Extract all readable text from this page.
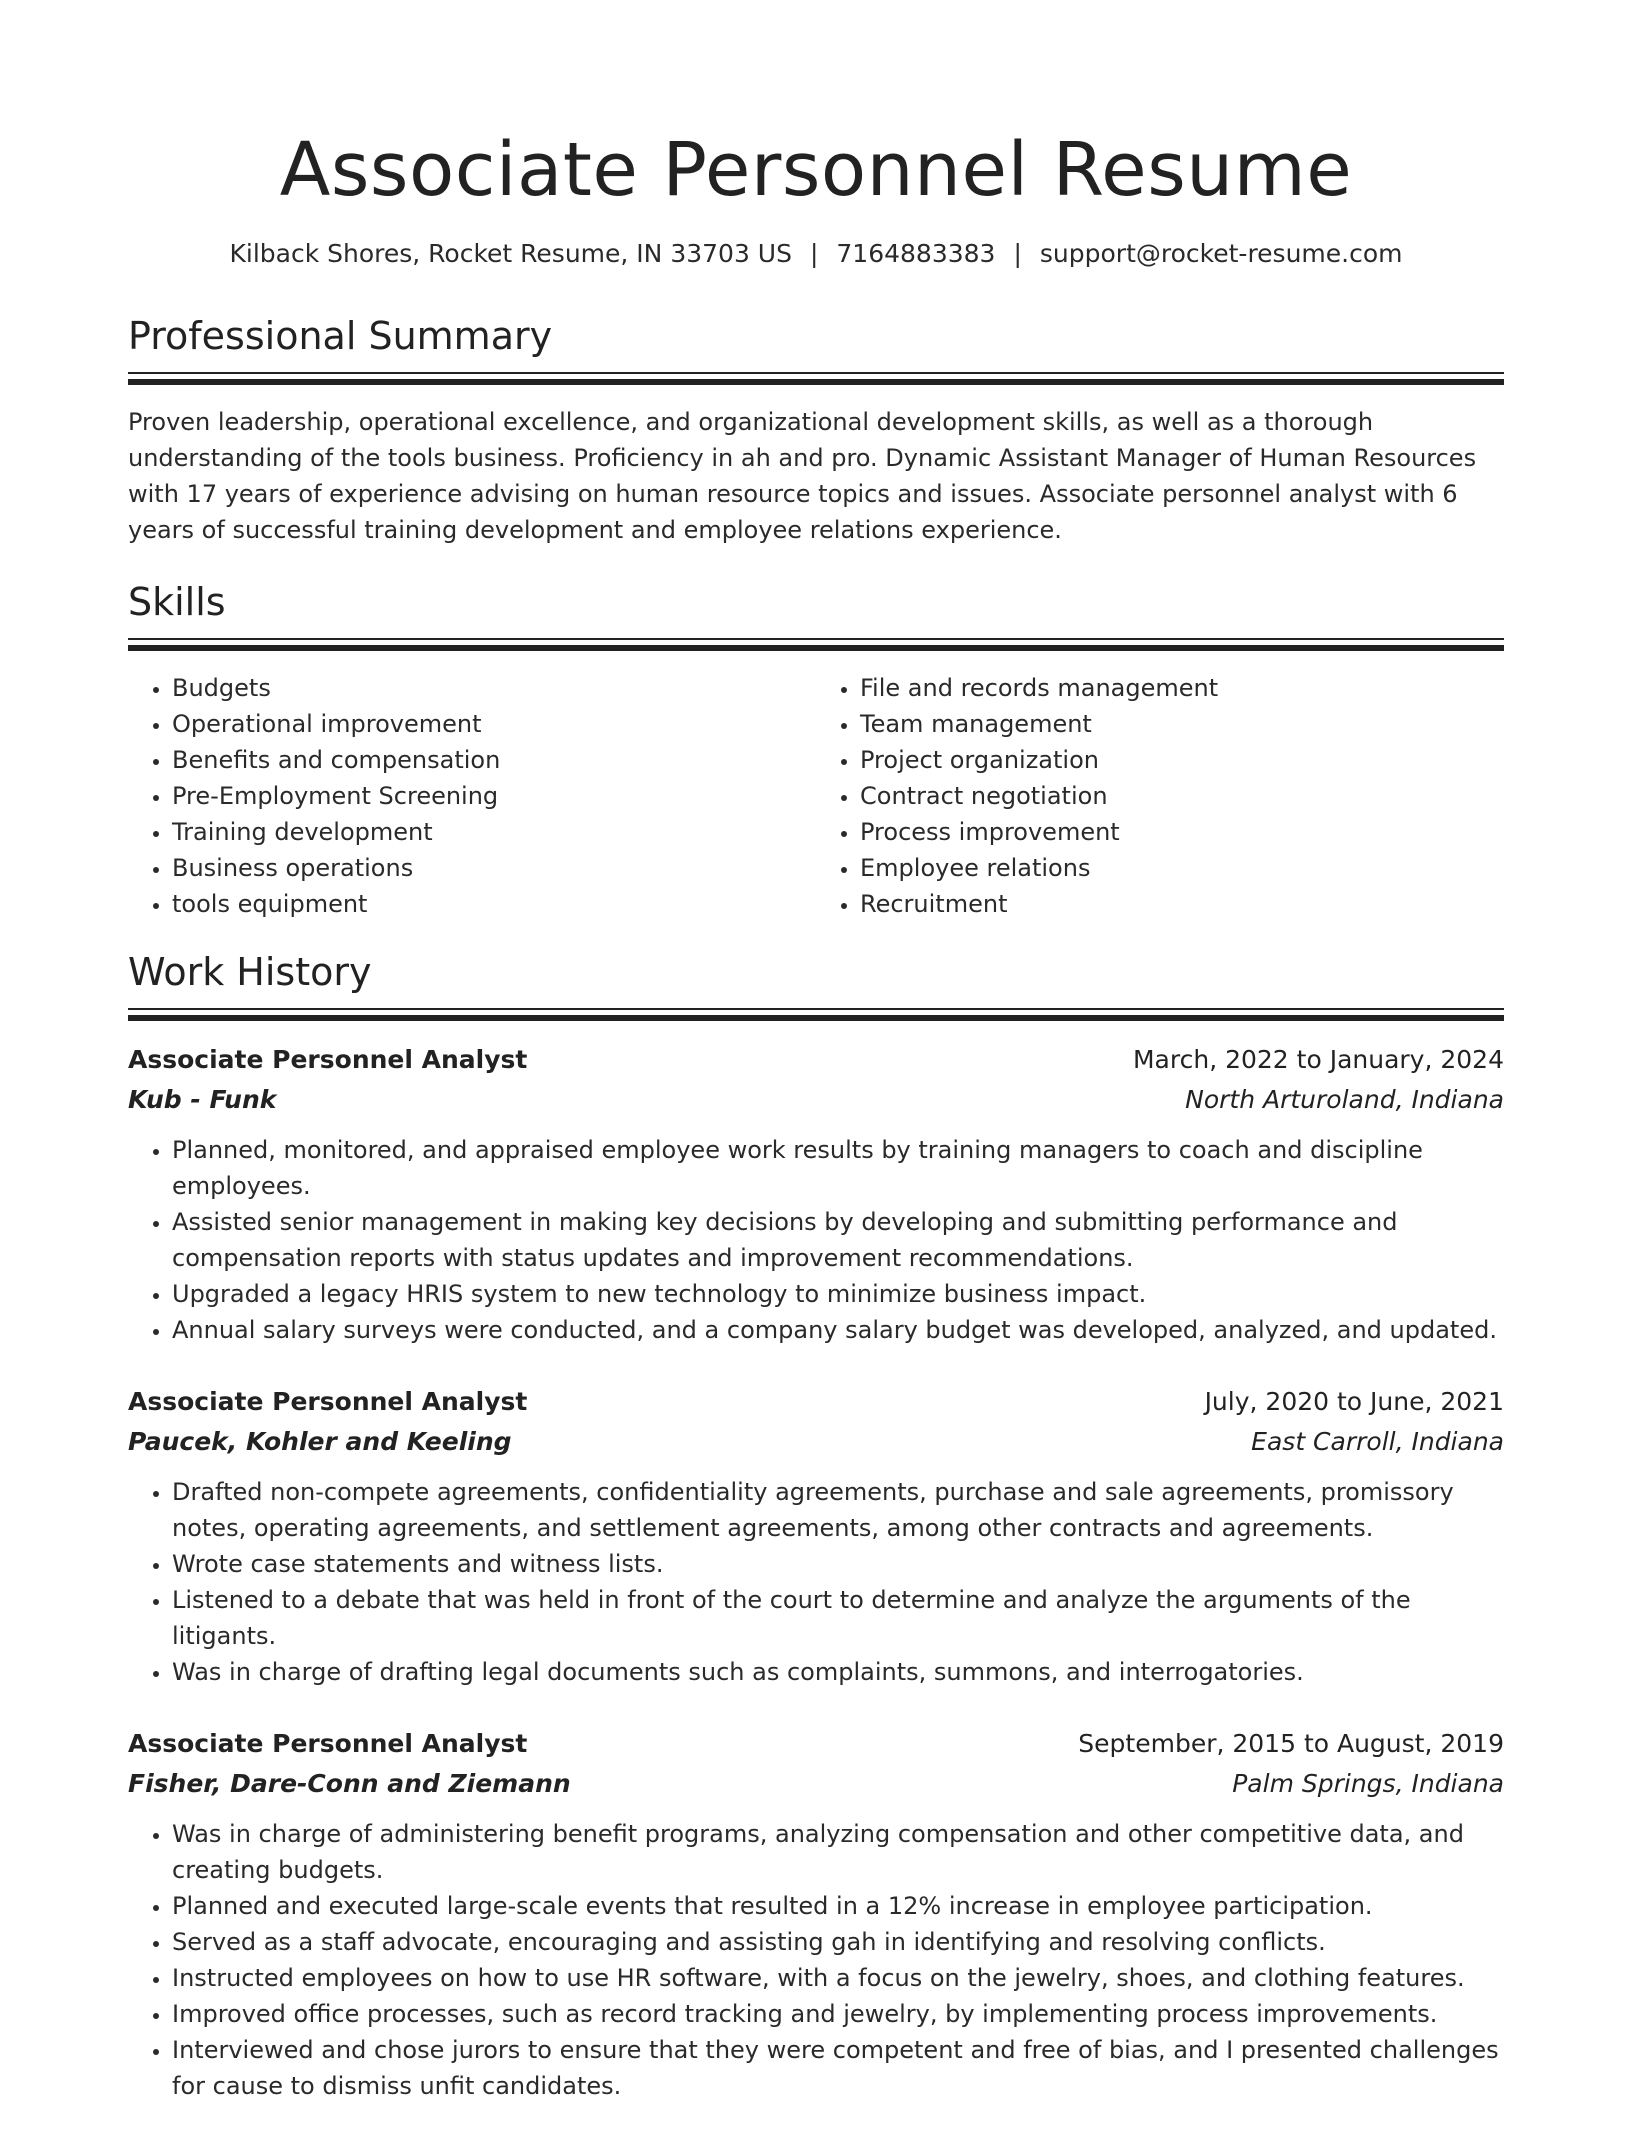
Associate Personnel Resume
Kilback Shores, Rocket Resume, IN 33703 US | 7164883383 | support@rocket-resume.com
Professional Summary

Proven leadership, operational excellence, and organizational development skills, as well as a thorough understanding of the tools business. Proficiency in ah and pro. Dynamic Assistant Manager of Human Resources with 17 years of experience advising on human resource topics and issues. Associate personnel analyst with 6 years of successful training development and employee relations experience.

Skills
• Budgets
• Operational improvement
• Benefits and compensation
• Pre-Employment Screening
• Training development
• Business operations
• tools equipment
• File and records management
• Team management
• Project organization
• Contract negotiation
• Process improvement
• Employee relations
• Recruitment
Work History
Associate Personnel Analyst	March, 2022 to January, 2024
Kub - Funk	North Arturoland, Indiana
• Planned, monitored, and appraised employee work results by training managers to coach and discipline employees.
• Assisted senior management in making key decisions by developing and submitting performance and compensation reports with status updates and improvement recommendations.
• Upgraded a legacy HRIS system to new technology to minimize business impact.
• Annual salary surveys were conducted, and a company salary budget was developed, analyzed, and updated.
Associate Personnel Analyst	July, 2020 to June, 2021
Paucek, Kohler and Keeling	East Carroll, Indiana
• Drafted non-compete agreements, confidentiality agreements, purchase and sale agreements, promissory notes, operating agreements, and settlement agreements, among other contracts and agreements.
• Wrote case statements and witness lists.
• Listened to a debate that was held in front of the court to determine and analyze the arguments of the litigants.
• Was in charge of drafting legal documents such as complaints, summons, and interrogatories.
Associate Personnel Analyst	September, 2015 to August, 2019
Fisher, Dare-Conn and Ziemann	Palm Springs, Indiana
• Was in charge of administering benefit programs, analyzing compensation and other competitive data, and creating budgets.
• Planned and executed large-scale events that resulted in a 12% increase in employee participation.
• Served as a staff advocate, encouraging and assisting gah in identifying and resolving conflicts.
• Instructed employees on how to use HR software, with a focus on the jewelry, shoes, and clothing features.
• Improved office processes, such as record tracking and jewelry, by implementing process improvements.
• Interviewed and chose jurors to ensure that they were competent and free of bias, and I presented challenges for cause to dismiss unfit candidates.
